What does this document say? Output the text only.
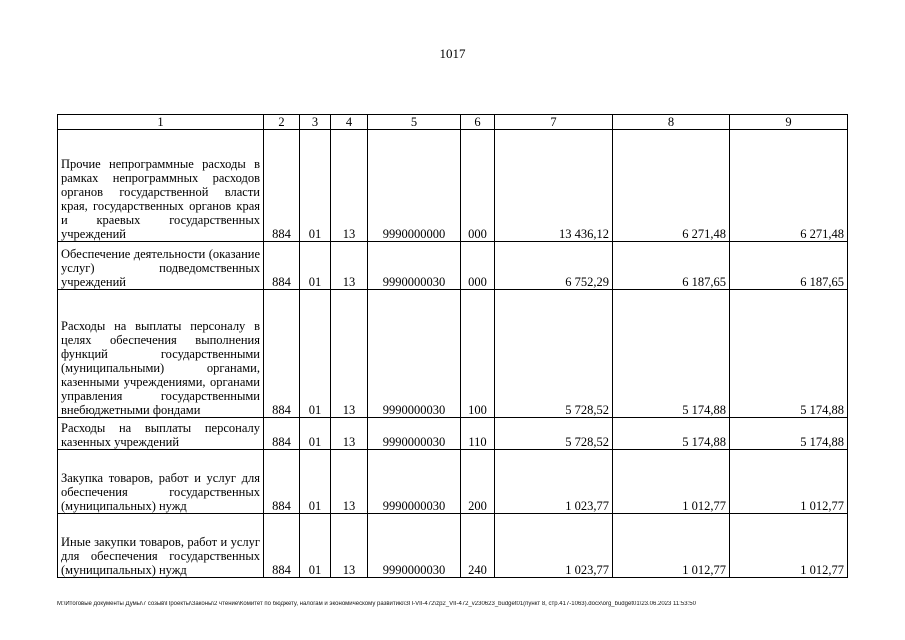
1017
1	2	3	4	5	6	7	8	9
Прочие непрограммные расходы в рамках непрограммных расходов органов государственной власти края, государственных органов края и краевых государственных учреждений	884	01	13	9990000000	000	13 436,12	6 271,48	6 271,48
Обеспечение деятельности (оказание услуг) подведомственных учреждений	884	01	13	9990000030	000	6 752,29	6 187,65	6 187,65
Расходы на выплаты персоналу в целях обеспечения выполнения функций государственными (муниципальными) органами, казенными учреждениями, органами управления государственными внебюджетными фондами	884	01	13	9990000030	100	5 728,52	5 174,88	5 174,88
Расходы на выплаты персоналу казенных учреждений	884	01	13	9990000030	110	5 728,52	5 174,88	5 174,88
Закупка товаров, работ и услуг для обеспечения государственных (муниципальных) нужд	884	01	13	9990000030	200	1 023,77	1 012,77	1 012,77
Иные закупки товаров, работ и услуг для обеспечения государственных (муниципальных) нужд	884	01	13	9990000030	240	1 023,77	1 012,77	1 012,77
M:\Итоговые документы Думы\7 созыв\Проекты\Законы\2 чтение\Комитет по бюджету, налогам и экономическому развитию\ЗП-VII-472\zp2_VII-472_v230623_budget01(пункт 8, стр.417-1063).docx\org_budget01\23.06.2023 11:53:50
